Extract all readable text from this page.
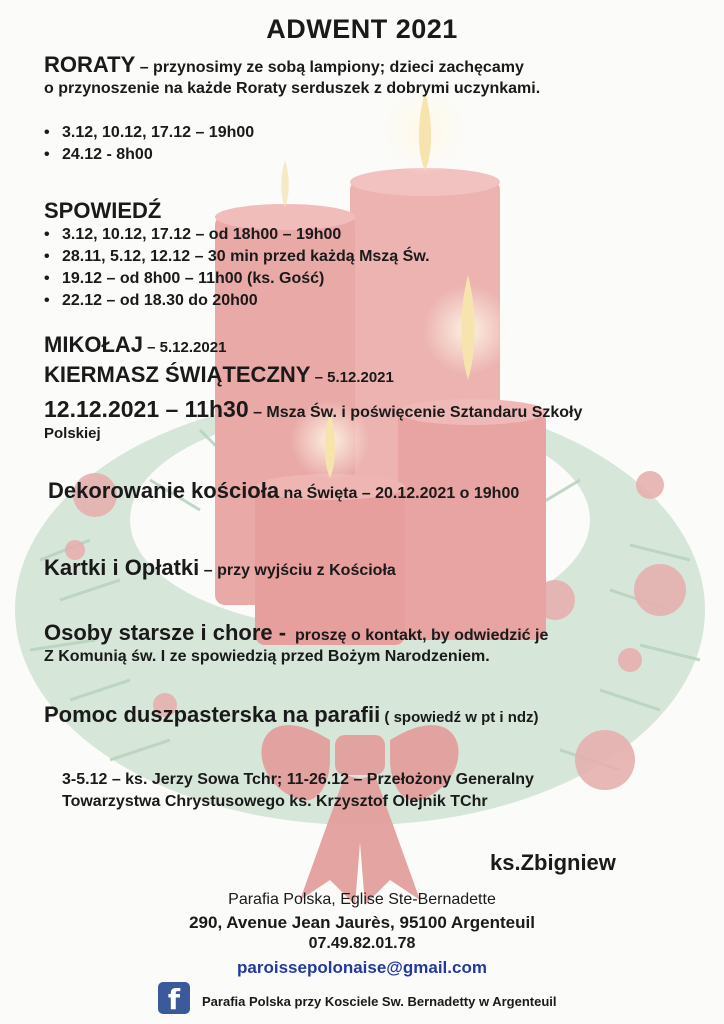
ADWENT 2021
RORATY – przynosimy ze sobą lampiony; dzieci zachęcamy
o przynoszenie na każde Roraty serduszek z dobrymi uczynkami.
• 3.12, 10.12, 17.12 – 19h00
• 24.12 - 8h00
SPOWIEDŹ
• 3.12, 10.12, 17.12 – od 18h00 – 19h00
• 28.11, 5.12, 12.12 – 30 min przed każdą Mszą Św.
• 19.12 – od 8h00 – 11h00 (ks. Gość)
• 22.12 – od 18.30 do 20h00
MIKOŁAJ – 5.12.2021
KIERMASZ ŚWIĄTECZNY – 5.12.2021
12.12.2021 – 11h30 – Msza Św. i poświęcenie Sztandaru Szkoły
Polskiej
Dekorowanie kościoła na Święta – 20.12.2021 o 19h00
Kartki i Opłatki – przy wyjściu z Kościoła
Osoby starsze i chore -  proszę o kontakt, by odwiedzić je
Z Komunią św. I ze spowiedzią przed Bożym Narodzeniem.
Pomoc duszpasterska na parafii ( spowiedź w pt i ndz)
3-5.12 – ks. Jerzy Sowa Tchr; 11-26.12 – Przełożony Generalny
Towarzystwa Chrystusowego ks. Krzysztof Olejnik TChr
ks.Zbigniew
Parafia Polska, Eglise Ste-Bernadette
290, Avenue Jean Jaurès, 95100 Argenteuil
07.49.82.01.78
paroissepolonaise@gmail.com
f	Parafia Polska przy Kosciele Sw. Bernadetty w Argenteuil
